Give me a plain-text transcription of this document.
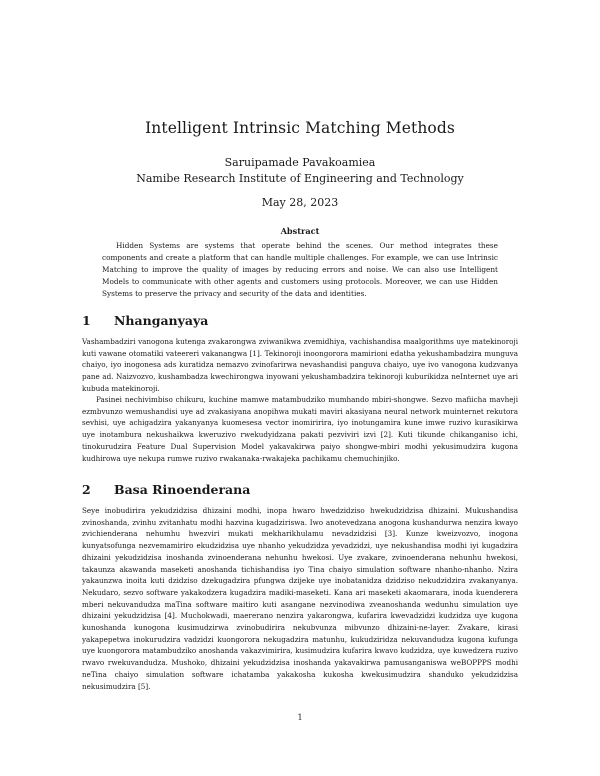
Intelligent Intrinsic Matching Methods
Saruipamade Pavakoamiea
Namibe Research Institute of Engineering and Technology
May 28, 2023
Abstract
Hidden Systems are systems that operate behind the scenes. Our method integrates these components and create a platform that can handle multiple challenges. For example, we can use Intrinsic Matching to improve the quality of images by reducing errors and noise. We can also use Intelligent Models to communicate with other agents and customers using protocols. Moreover, we can use Hidden Systems to preserve the privacy and security of the data and identities.
1 Nhanganyaya
Vashambadziri vanogona kutenga zvakarongwa zviwanikwa zvemidhiya, vachishandisa maalgorithms uye matekinoroji kuti vawane otomatiki vateereri vakanangwa [1]. Tekinoroji inoongorora mamirioni edatha yekushambadzira munguva chaiyo, iyo inogonesa ads kuratidza nemazvo zvinofarirwa nevashandisi panguva chaiyo, uye ivo vanogona kudzvanya pane ad. Naizvozvo, kushambadza kwechirongwa inyowani yekushambadzira tekinoroji kuburikidza neInternet uye ari kubuda matekinoroji.
Pasinei nechivimbiso chikuru, kuchine mamwe matambudziko mumhando mbiri-shongwe. Sezvo mafiicha mavheji ezmbvunzo wemushandisi uye ad zvakasiyana anopihwa mukati maviri akasiyana neural network muinternet rekutora sevhisi, uye achigadzira yakanyanya kuomesesa vector inomiririra, iyo inotungamira kune imwe ruzivo kurasikirwa uye inotambura nekushaikwa kweruzivo rwekudyidzana pakati pezviviri izvi [2]. Kuti tikunde chikanganiso ichi, tinokurudzira Feature Dual Supervision Model yakavakirwa paiyo shongwe-mbiri modhi yekusimudzira kugona kudhirowa uye nekupa rumwe ruzivo rwakanaka-rwakajeka pachikamu chemuchinjiko.
2 Basa Rinoenderana
Seye inobudirira yekudzidzisa dhizaini modhi, inopa hwaro hwedzidziso hwekudzidzisa dhizaini. Mukushandisa zvinoshanda, zvinhu zvitanhatu modhi hazvina kugadziriswa. Iwo anotevedzana anogona kushandurwa nenzira kwayo zvichienderana nehumhu hwezviri mukati mekharikhulamu nevadzidzisi [3]. Kunze kweizvozvo, inogona kunyatsofunga nezvemamiriro ekudzidzisa uye nhanho yekudzidza yevadzidzi, uye nekushandisa modhi iyi kugadzira dhizaini yekudzidzisa inoshanda zvinoenderana nehunhu hwekosi. Uye zvakare, zvinoenderana nehunhu hwekosi, takaunza akawanda maseketi anoshanda tichishandisa iyo Tina chaiyo simulation software nhanho-nhanho. Nzira yakaunzwa inoita kuti dzidziso dzekugadzira pfungwa dzijeke uye inobatanidza dzidziso nekudzidzira zvakanyanya. Nekudaro, sezvo software yakakodzera kugadzira madiki-maseketi. Kana ari maseketi akaomarara, inoda kuenderera mberi nekuvandudza maTina software maitiro kuti asangane nezvinodiwa zveanoshanda wedunhu simulation uye dhizaini yekudzidzisa [4]. Muchokwadi, maererano nenzira yakarongwa, kufarira kwevadzidzi kudzidza uye kugona kunoshanda kunogona kusimudzirwa zvinobudirira nekubvunza mibvunzo dhizaini-ne-layer. Zvakare, kirasi yakapepetwa inokurudzira vadzidzi kuongorora nekugadzira matunhu, kukudziridza nekuvandudza kugona kufunga uye kuongorora matambudziko anoshanda vakazvimirira, kusimudzira kufarira kwavo kudzidza, uye kuwedzera ruzivo rwavo rwekuvandudza. Mushoko, dhizaini yekudzidzisa inoshanda yakavakirwa pamusanganiswa weBOPPPS modhi neTina chaiyo simulation software ichatamba yakakosha kukosha kwekusimudzira shanduko yekudzidzisa nekusimudzira [5].
1
